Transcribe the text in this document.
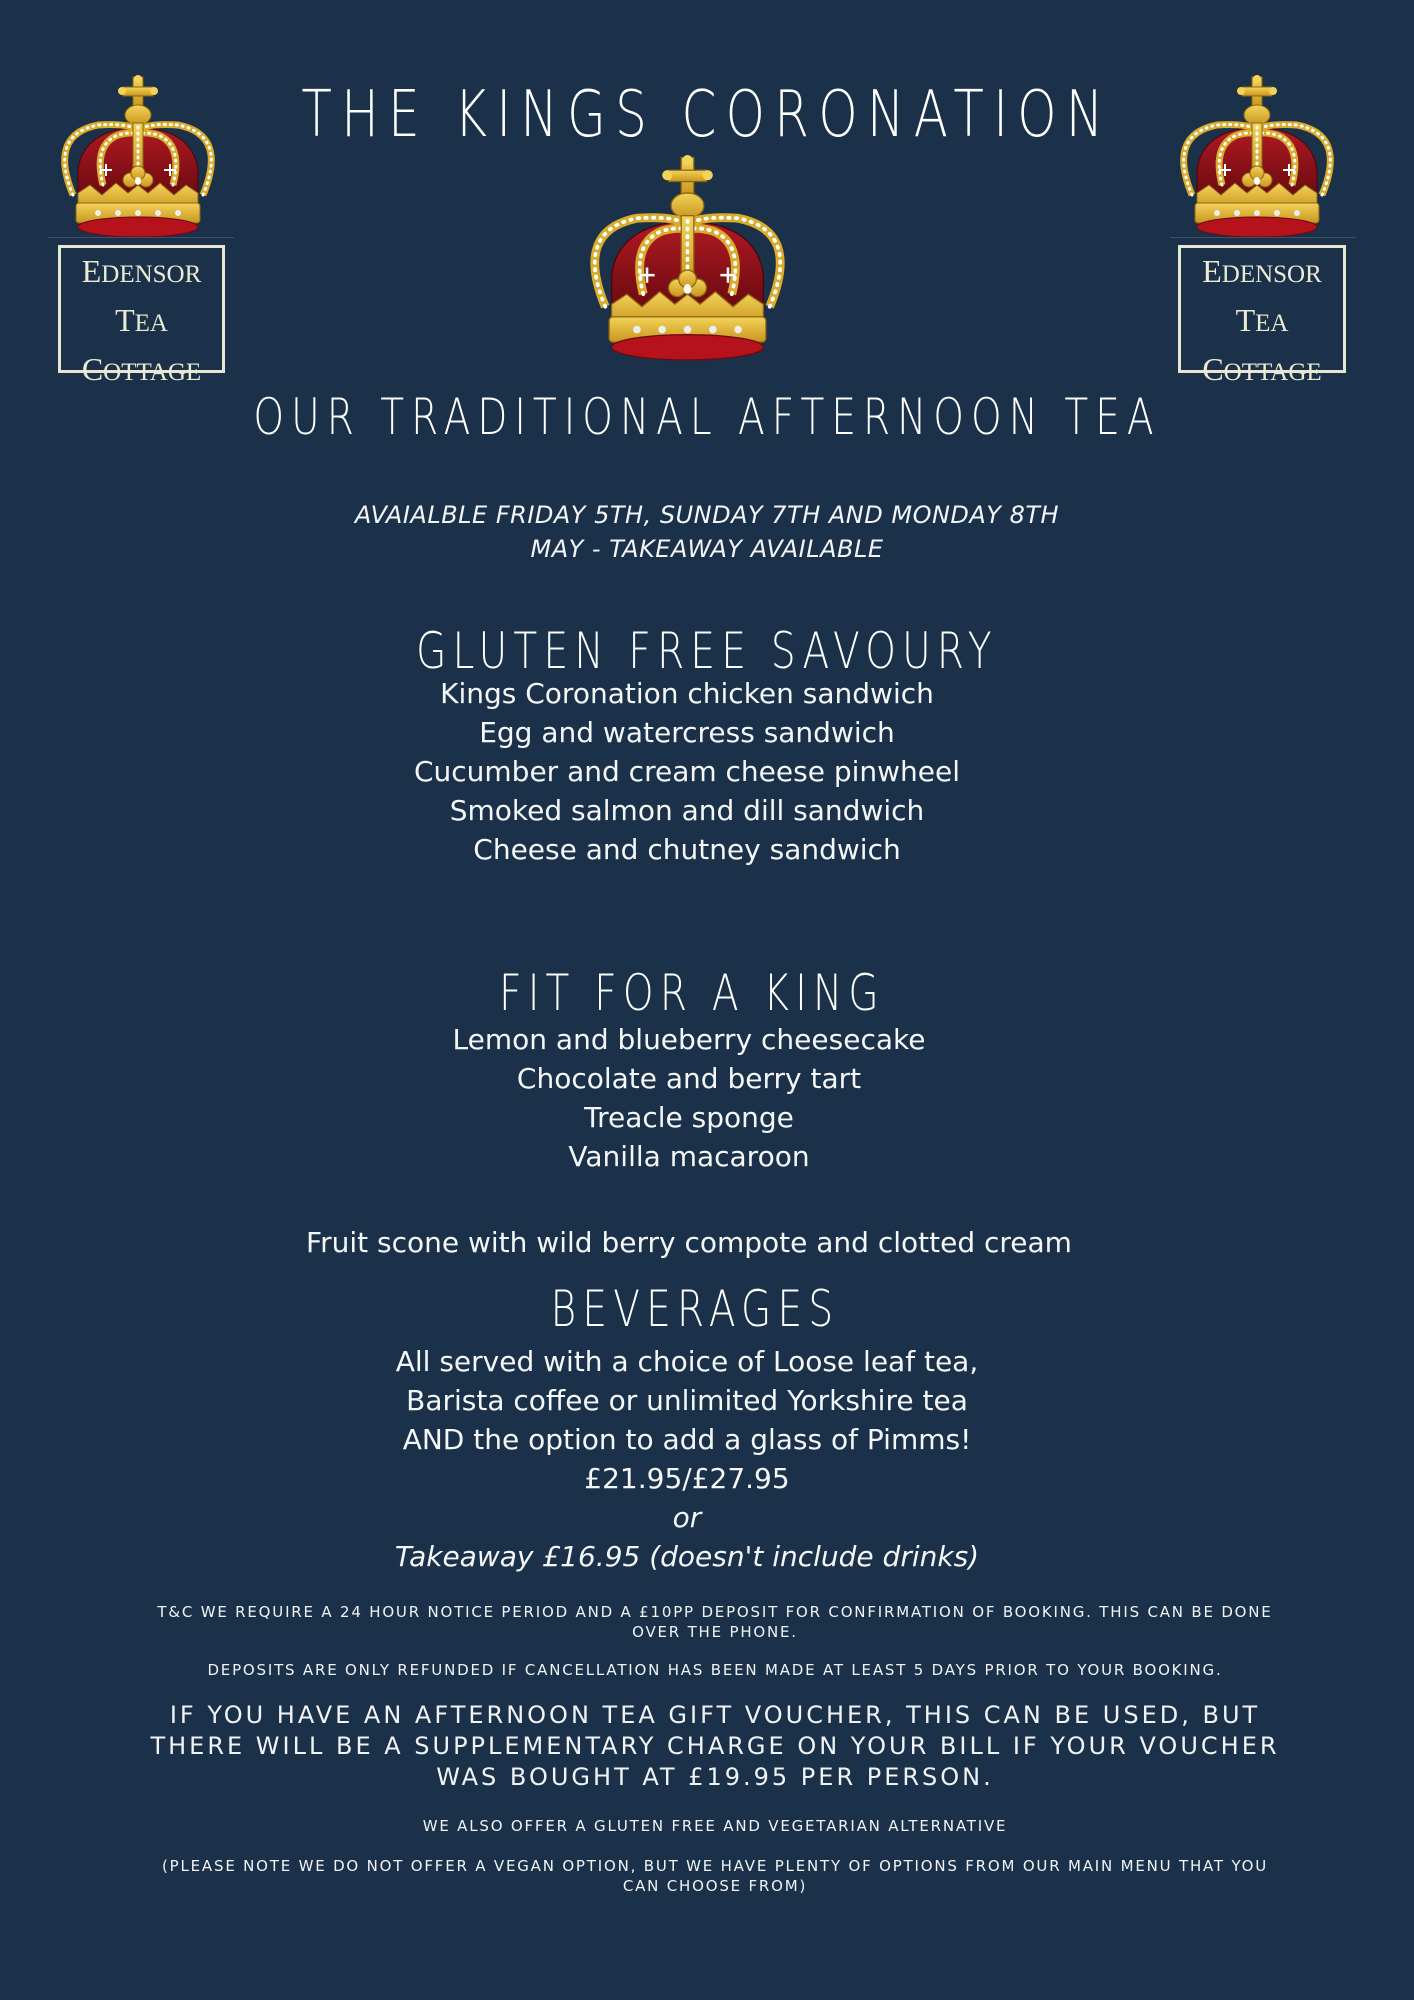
EDENSOR
TEA
COTTAGE
EDENSOR
TEA
COTTAGE
THE KINGS CORONATION
OUR TRADITIONAL AFTERNOON TEA
AVAIALBLE FRIDAY 5TH, SUNDAY 7TH AND MONDAY 8TH
MAY - TAKEAWAY AVAILABLE
GLUTEN FREE SAVOURY
Kings Coronation chicken sandwich
Egg and watercress sandwich
Cucumber and cream cheese pinwheel
Smoked salmon and dill sandwich
Cheese and chutney sandwich
FIT FOR A KING
Lemon and blueberry cheesecake
Chocolate and berry tart
Treacle sponge
Vanilla macaroon
Fruit scone with wild berry compote and clotted cream
BEVERAGES
All served with a choice of Loose leaf tea,
Barista coffee or unlimited Yorkshire tea
AND the option to add a glass of Pimms!
£21.95/£27.95
or
Takeaway £16.95 (doesn't include drinks)
T&C WE REQUIRE A 24 HOUR NOTICE PERIOD AND A £10PP DEPOSIT FOR CONFIRMATION OF BOOKING. THIS CAN BE DONE OVER THE PHONE.
DEPOSITS ARE ONLY REFUNDED IF CANCELLATION HAS BEEN MADE AT LEAST 5 DAYS PRIOR TO YOUR BOOKING.
IF YOU HAVE AN AFTERNOON TEA GIFT VOUCHER, THIS CAN BE USED, BUT THERE WILL BE A SUPPLEMENTARY CHARGE ON YOUR BILL IF YOUR VOUCHER WAS BOUGHT AT £19.95 PER PERSON.
WE ALSO OFFER A GLUTEN FREE AND VEGETARIAN ALTERNATIVE
(PLEASE NOTE WE DO NOT OFFER A VEGAN OPTION, BUT WE HAVE PLENTY OF OPTIONS FROM OUR MAIN MENU THAT YOU CAN CHOOSE FROM)
